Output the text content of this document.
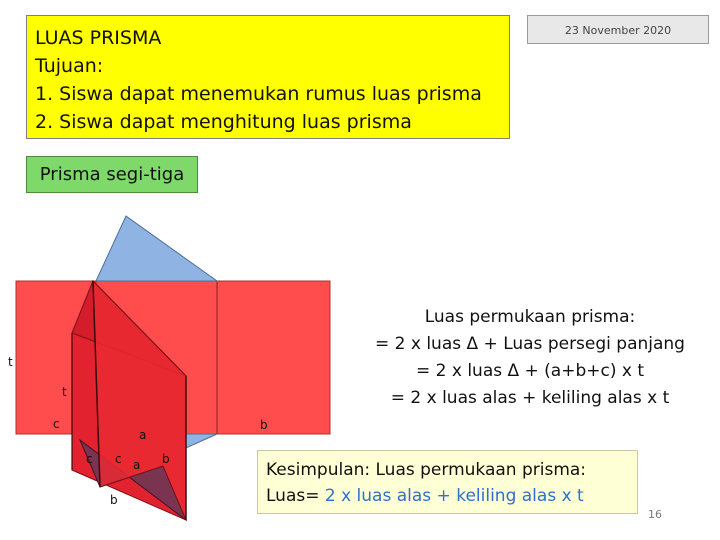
LUAS PRISMA
Tujuan:
1. Siswa dapat menemukan rumus luas prisma
2. Siswa dapat menghitung luas prisma
23 November 2020
Prisma segi-tiga
t
t
c
c c
a
a b
b
b
Luas permukaan prisma:
= 2 x luas Δ + Luas persegi panjang
= 2 x luas Δ + (a+b+c) x t
= 2 x luas alas + keliling alas x t
Kesimpulan: Luas permukaan prisma:
Luas= 2 x luas alas + keliling alas x t
16
